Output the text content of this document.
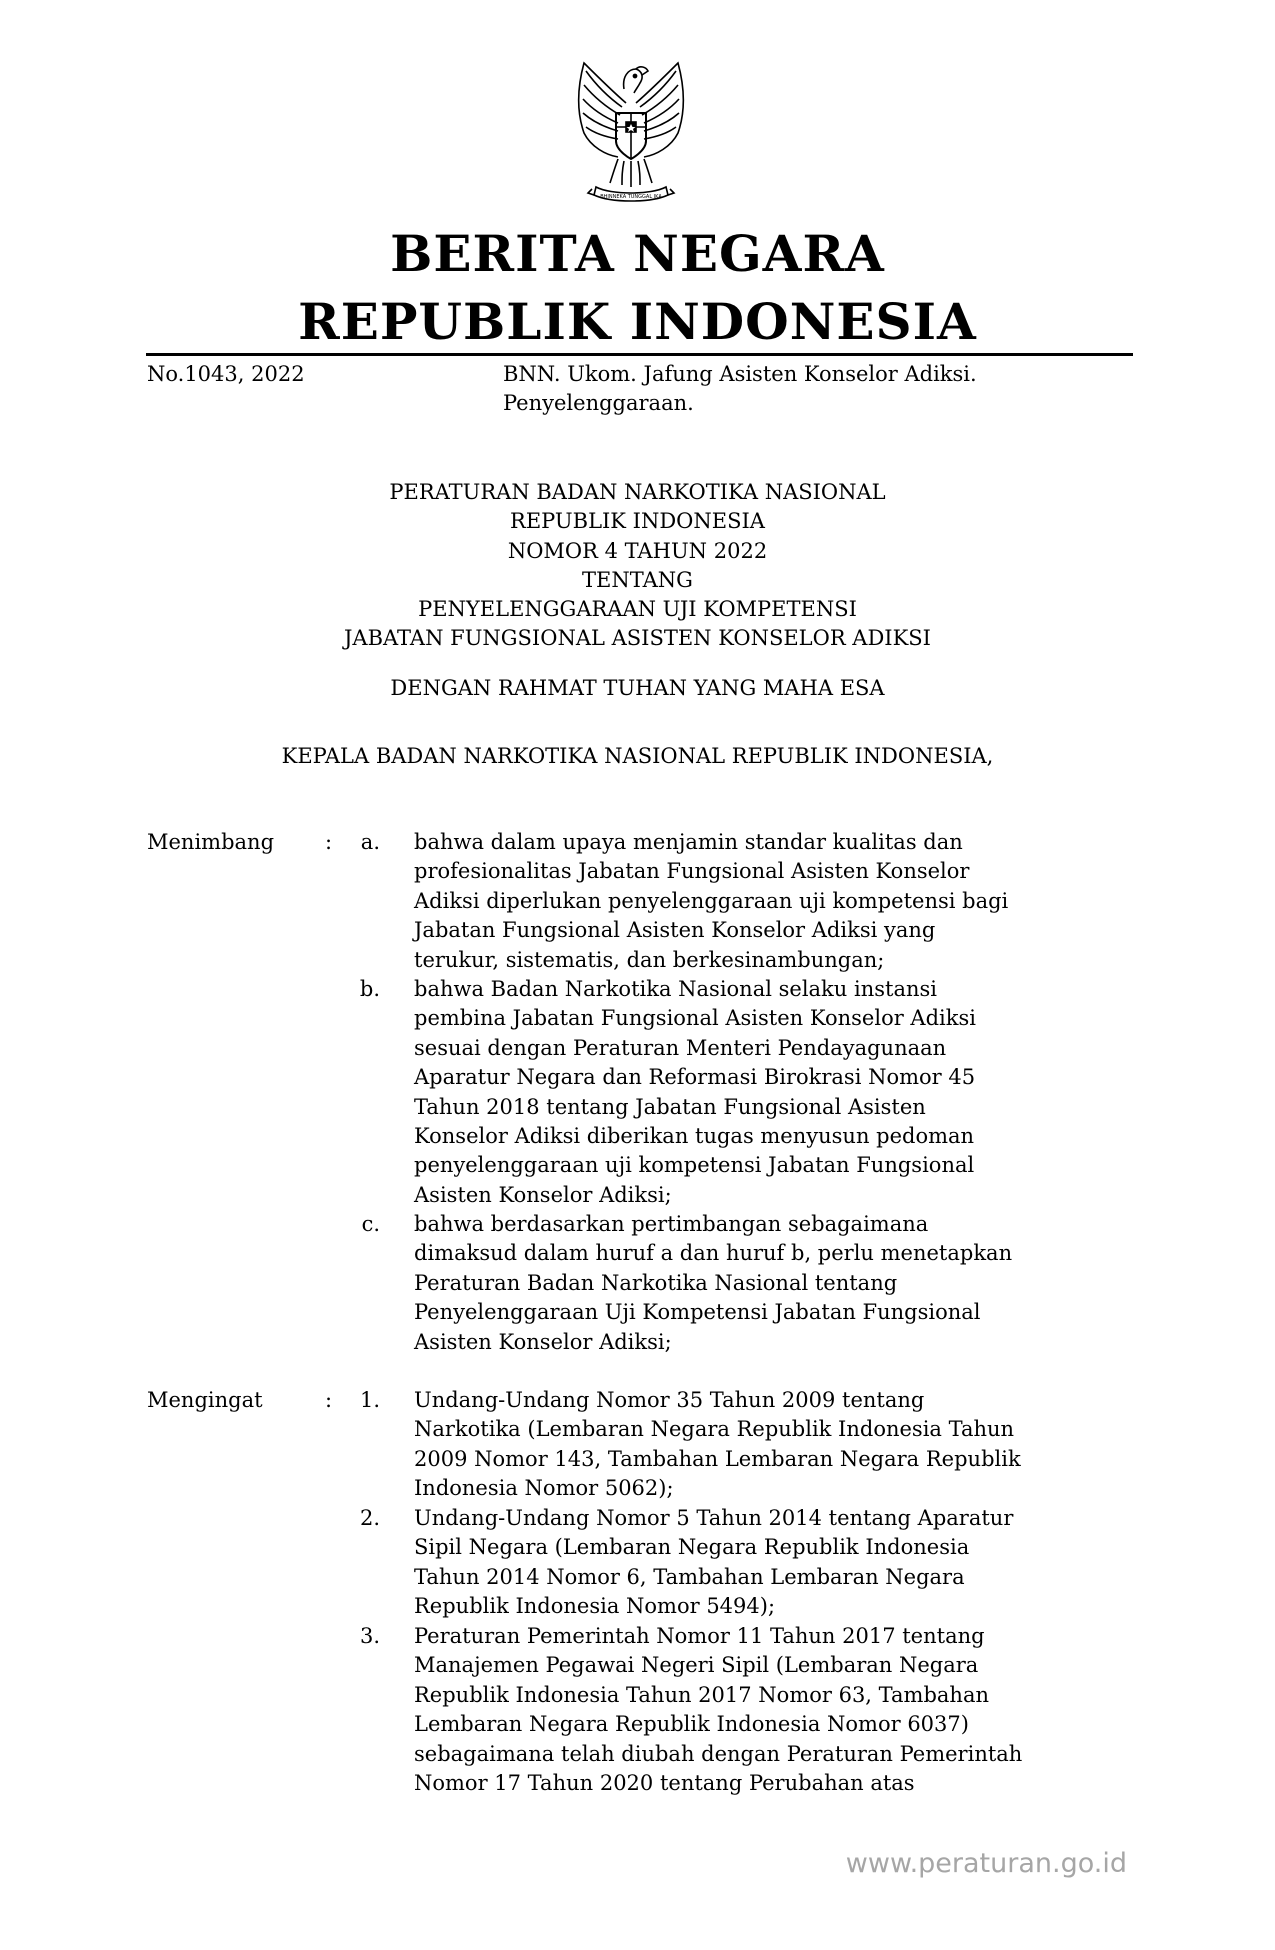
BHINNEKA TUNGGAL IKA
BERITA NEGARA
REPUBLIK INDONESIA
No.1043, 2022	BNN. Ukom. Jafung Asisten Konselor Adiksi.
Penyelenggaraan.
PERATURAN BADAN NARKOTIKA NASIONAL
REPUBLIK INDONESIA
NOMOR 4 TAHUN 2022
TENTANG
PENYELENGGARAAN UJI KOMPETENSI
JABATAN FUNGSIONAL ASISTEN KONSELOR ADIKSI
DENGAN RAHMAT TUHAN YANG MAHA ESA
KEPALA BADAN NARKOTIKA NASIONAL REPUBLIK INDONESIA,
Menimbang :	a. bahwa dalam upaya menjamin standar kualitas dan
profesionalitas Jabatan Fungsional Asisten Konselor
Adiksi diperlukan penyelenggaraan uji kompetensi bagi
Jabatan Fungsional Asisten Konselor Adiksi yang
terukur, sistematis, dan berkesinambungan;
b. bahwa Badan Narkotika Nasional selaku instansi
pembina Jabatan Fungsional Asisten Konselor Adiksi
sesuai dengan Peraturan Menteri Pendayagunaan
Aparatur Negara dan Reformasi Birokrasi Nomor 45
Tahun 2018 tentang Jabatan Fungsional Asisten
Konselor Adiksi diberikan tugas menyusun pedoman
penyelenggaraan uji kompetensi Jabatan Fungsional
Asisten Konselor Adiksi;
c. bahwa berdasarkan pertimbangan sebagaimana
dimaksud dalam huruf a dan huruf b, perlu menetapkan
Peraturan Badan Narkotika Nasional tentang
Penyelenggaraan Uji Kompetensi Jabatan Fungsional
Asisten Konselor Adiksi;
Mengingat	:	1. Undang-Undang Nomor 35 Tahun 2009 tentang
Narkotika (Lembaran Negara Republik Indonesia Tahun
2009 Nomor 143, Tambahan Lembaran Negara Republik
Indonesia Nomor 5062);
2. Undang-Undang Nomor 5 Tahun 2014 tentang Aparatur
Sipil Negara (Lembaran Negara Republik Indonesia
Tahun 2014 Nomor 6, Tambahan Lembaran Negara
Republik Indonesia Nomor 5494);
3. Peraturan Pemerintah Nomor 11 Tahun 2017 tentang
Manajemen Pegawai Negeri Sipil (Lembaran Negara
Republik Indonesia Tahun 2017 Nomor 63, Tambahan
Lembaran Negara Republik Indonesia Nomor 6037)
sebagaimana telah diubah dengan Peraturan Pemerintah
Nomor 17 Tahun 2020 tentang Perubahan atas
www.peraturan.go.id
